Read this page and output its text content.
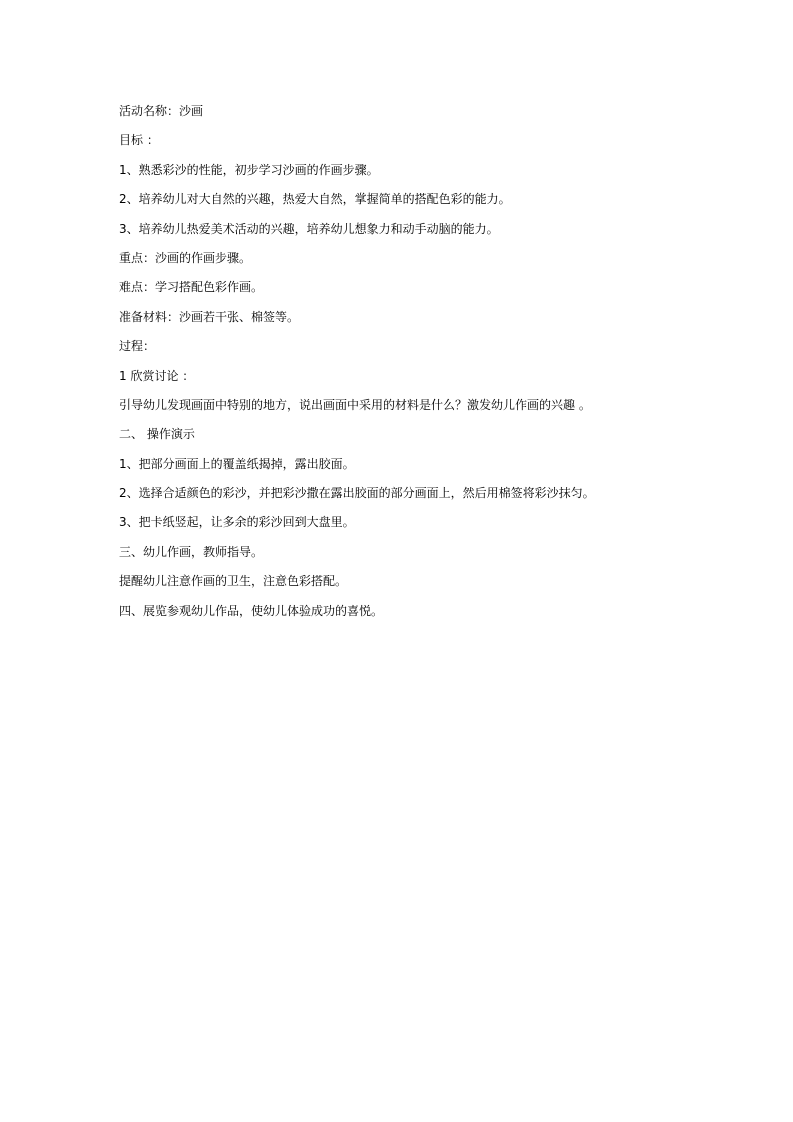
活动名称：沙画
目标 ：
1、熟悉彩沙的性能，初步学习沙画的作画步骤。
2、培养幼儿对大自然的兴趣，热爱大自然，掌握简单的搭配色彩的能力。
3、培养幼儿热爱美术活动的兴趣，培养幼儿想象力和动手动脑的能力。
重点：沙画的作画步骤。
难点：学习搭配色彩作画。
准备材料：沙画若干张、棉签等。
过程：
1 欣赏讨论 ：
引导幼儿发现画面中特别的地方，说出画面中采用的材料是什么？激发幼儿作画的兴趣 。
二、 操作演示
1、把部分画面上的覆盖纸揭掉，露出胶面。
2、选择合适颜色的彩沙，并把彩沙撒在露出胶面的部分画面上，然后用棉签将彩沙抹匀。
3、把卡纸竖起，让多余的彩沙回到大盘里。
三、幼儿作画，教师指导。
提醒幼儿注意作画的卫生，注意色彩搭配。
四、展览参观幼儿作品，使幼儿体验成功的喜悦。
